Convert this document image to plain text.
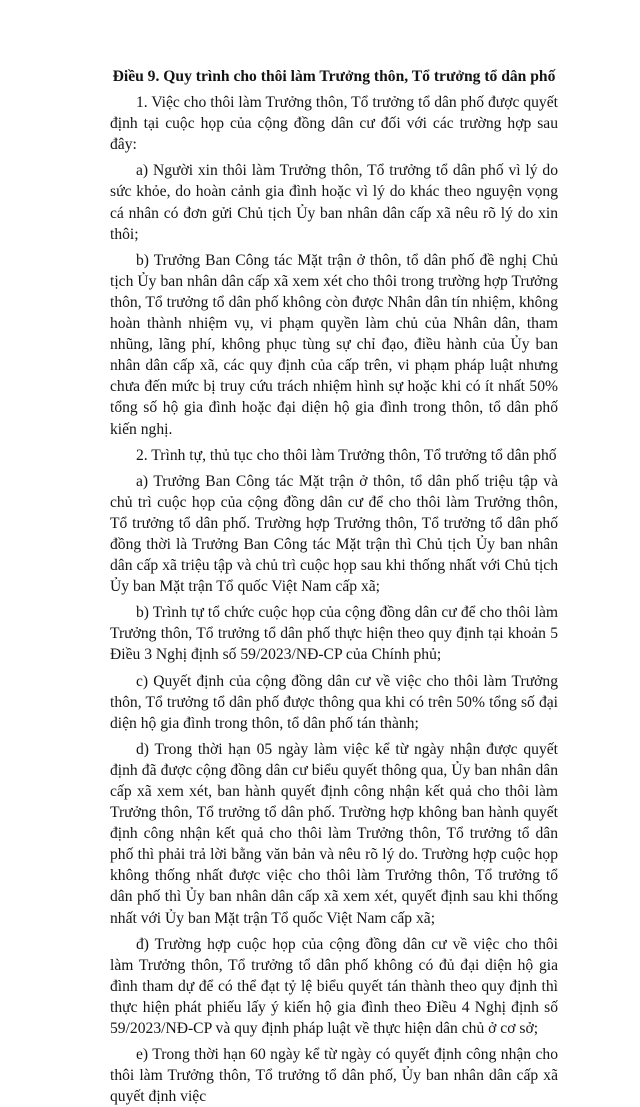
Điều 9. Quy trình cho thôi làm Trưởng thôn, Tổ trưởng tổ dân phố

1. Việc cho thôi làm Trưởng thôn, Tổ trưởng tổ dân phố được quyết định tại cuộc họp của cộng đồng dân cư đối với các trường hợp sau đây:

a) Người xin thôi làm Trưởng thôn, Tổ trưởng tổ dân phố vì lý do sức khỏe, do hoàn cảnh gia đình hoặc vì lý do khác theo nguyện vọng cá nhân có đơn gửi Chủ tịch Ủy ban nhân dân cấp xã nêu rõ lý do xin thôi;

b) Trưởng Ban Công tác Mặt trận ở thôn, tổ dân phố đề nghị Chủ tịch Ủy ban nhân dân cấp xã xem xét cho thôi trong trường hợp Trưởng thôn, Tổ trưởng tổ dân phố không còn được Nhân dân tín nhiệm, không hoàn thành nhiệm vụ, vi phạm quyền làm chủ của Nhân dân, tham nhũng, lãng phí, không phục tùng sự chỉ đạo, điều hành của Ủy ban nhân dân cấp xã, các quy định của cấp trên, vi phạm pháp luật nhưng chưa đến mức bị truy cứu trách nhiệm hình sự hoặc khi có ít nhất 50% tổng số hộ gia đình hoặc đại diện hộ gia đình trong thôn, tổ dân phố kiến nghị.

2. Trình tự, thủ tục cho thôi làm Trưởng thôn, Tổ trưởng tổ dân phố

a) Trưởng Ban Công tác Mặt trận ở thôn, tổ dân phố triệu tập và chủ trì cuộc họp của cộng đồng dân cư để cho thôi làm Trưởng thôn, Tổ trưởng tổ dân phố. Trường hợp Trưởng thôn, Tổ trưởng tổ dân phố đồng thời là Trưởng Ban Công tác Mặt trận thì Chủ tịch Ủy ban nhân dân cấp xã triệu tập và chủ trì cuộc họp sau khi thống nhất với Chủ tịch Ủy ban Mặt trận Tổ quốc Việt Nam cấp xã;

b) Trình tự tổ chức cuộc họp của cộng đồng dân cư để cho thôi làm Trưởng thôn, Tổ trưởng tổ dân phố thực hiện theo quy định tại khoản 5 Điều 3 Nghị định số 59/2023/NĐ-CP của Chính phủ;

c) Quyết định của cộng đồng dân cư về việc cho thôi làm Trưởng thôn, Tổ trưởng tổ dân phố được thông qua khi có trên 50% tổng số đại diện hộ gia đình trong thôn, tổ dân phố tán thành;

d) Trong thời hạn 05 ngày làm việc kể từ ngày nhận được quyết định đã được cộng đồng dân cư biểu quyết thông qua, Ủy ban nhân dân cấp xã xem xét, ban hành quyết định công nhận kết quả cho thôi làm Trưởng thôn, Tổ trưởng tổ dân phố. Trường hợp không ban hành quyết định công nhận kết quả cho thôi làm Trưởng thôn, Tổ trưởng tổ dân phố thì phải trả lời bằng văn bản và nêu rõ lý do. Trường hợp cuộc họp không thống nhất được việc cho thôi làm Trưởng thôn, Tổ trưởng tổ dân phố thì Ủy ban nhân dân cấp xã xem xét, quyết định sau khi thống nhất với Ủy ban Mặt trận Tổ quốc Việt Nam cấp xã;

đ) Trường hợp cuộc họp của cộng đồng dân cư về việc cho thôi làm Trưởng thôn, Tổ trưởng tổ dân phố không có đủ đại diện hộ gia đình tham dự để có thể đạt tỷ lệ biểu quyết tán thành theo quy định thì thực hiện phát phiếu lấy ý kiến hộ gia đình theo Điều 4 Nghị định số 59/2023/NĐ-CP và quy định pháp luật về thực hiện dân chủ ở cơ sở;

e) Trong thời hạn 60 ngày kể từ ngày có quyết định công nhận cho thôi làm Trưởng thôn, Tổ trưởng tổ dân phố, Ủy ban nhân dân cấp xã quyết định việc
